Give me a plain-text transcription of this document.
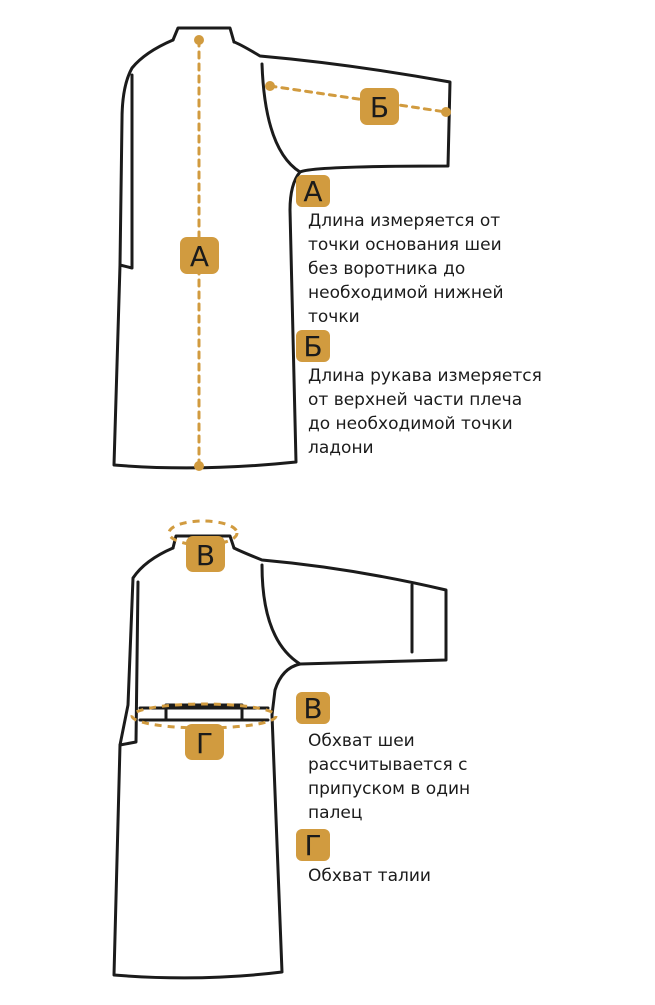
А
Б
А
Б
В
Г
В
Г

Длина измеряется от
точки основания шеи
без воротника до
необходимой нижней
точки

Длина рукава измеряется
от верхней части плеча
до необходимой точки
ладони

Обхват шеи
рассчитывается с
припуском в один
палец

Обхват талии
